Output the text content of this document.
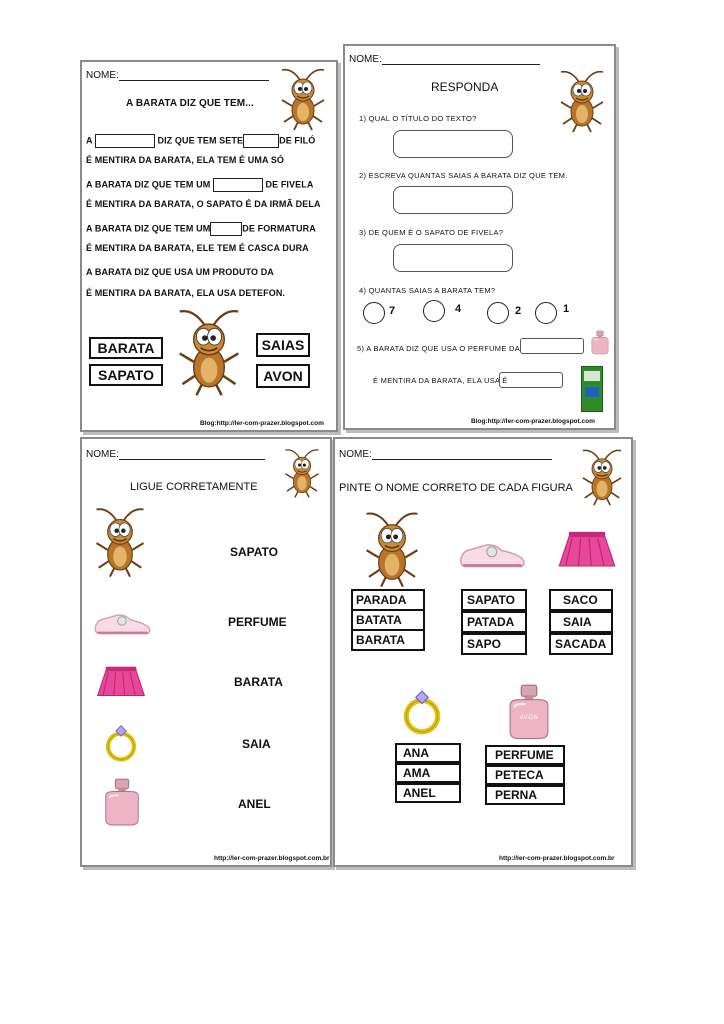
NOME:
A BARATA DIZ QUE TEM...
A	DIZ QUE TEM SETE	DE FILÓ
É MENTIRA DA BARATA, ELA TEM É UMA SÓ
A BARATA DIZ QUE TEM UM	DE FIVELA
É MENTIRA DA BARATA, O SAPATO É DA IRMÃ DELA
A BARATA DIZ QUE TEM UM	DE FORMATURA
É MENTIRA DA BARATA, ELE TEM É CASCA DURA
A BARATA DIZ QUE USA UM PRODUTO DA
É MENTIRA DA BARATA, ELA USA DETEFON.
BARATA
SAPATO
SAIAS
AVON
Blog:http://ler-com-prazer.blogspot.com
NOME:
RESPONDA
1) QUAL O TÍTULO DO TEXTO?
2) ESCREVA QUANTAS SAIAS A BARATA DIZ QUE TEM.
3) DE QUEM É O SAPATO DE FIVELA?
4) QUANTAS SAIAS A BARATA TEM?
7	4	2	1
5) A BARATA DIZ QUE USA O PERFUME DA
É MENTIRA DA BARATA, ELA USA É
Blog:http://ler-com-prazer.blogspot.com
NOME:
LIGUE CORRETAMENTE
SAPATO
PERFUME
BARATA
SAIA
ANEL
http://ler-com-prazer.blogspot.com.br
NOME:
PINTE O NOME CORRETO DE CADA FIGURA
PARADA
BATATA
BARATA
SAPATO
PATADA
SAPO
SACO
SAIA
SACADA
AVON
ANA
AMA
ANEL
PERFUME
PETECA
PERNA
http://ler-com-prazer.blogspot.com.br
